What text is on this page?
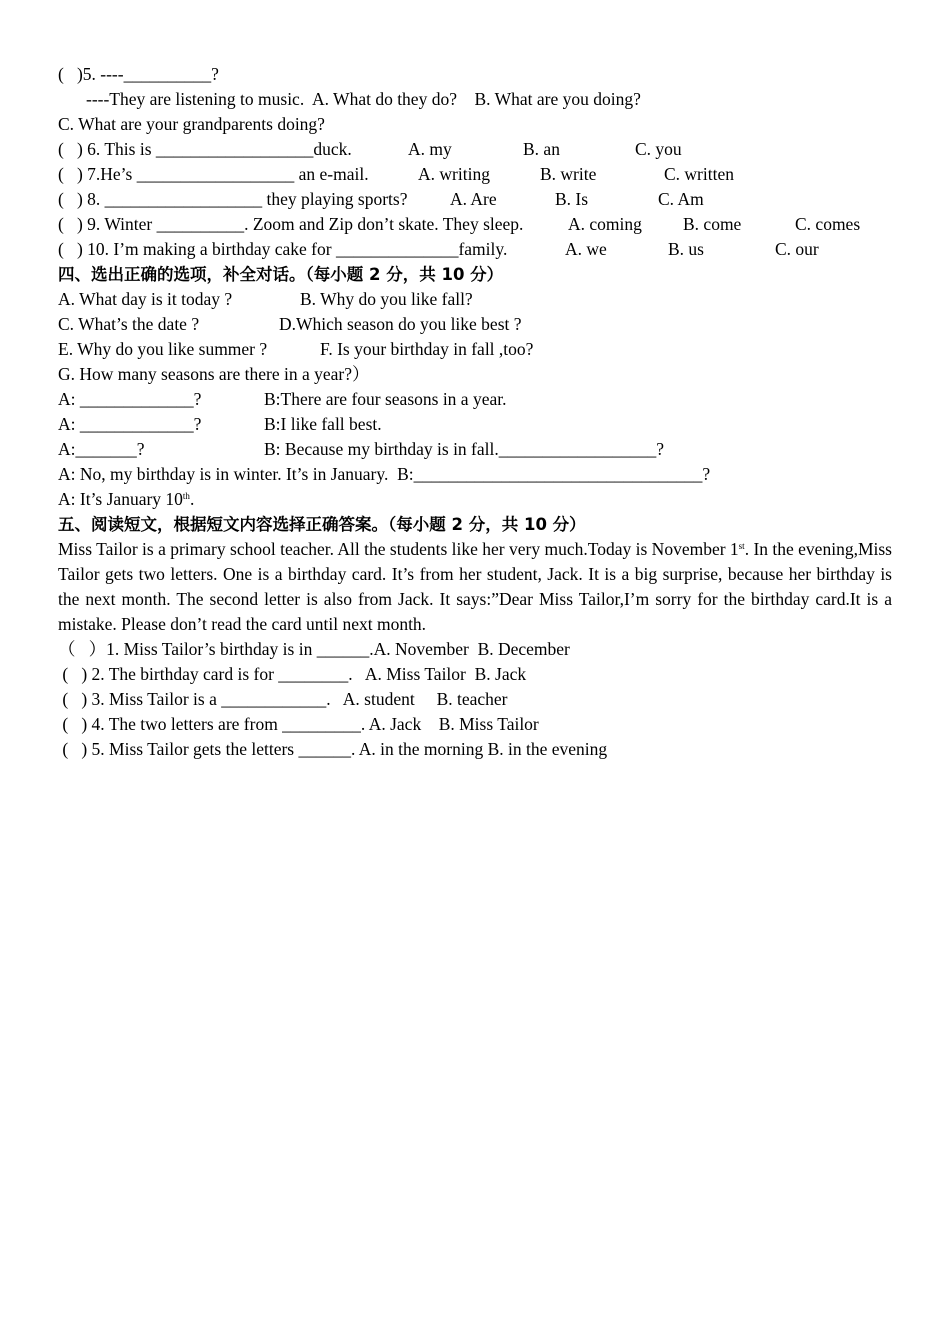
(   )5. ----__________?
----They are listening to music.  A. What do they do?    B. What are you doing?
C. What are your grandparents doing?
(   ) 6. This is __________________duck.	A. my	B. an	C. you
(   ) 7.He’s __________________ an e-mail.	A. writing	B. write	C. written
(   ) 8. __________________ they playing sports? A. Are	B. Is	C. Am
(   ) 9. Winter __________. Zoom and Zip don’t skate. They sleep.	A. coming B. come	C. comes
(   ) 10. I’m making a birthday cake for ______________family.	A. we	B. us	C. our
四、选出正确的选项，补全对话。（每小题 2 分，共 10 分）
A. What day is it today ?	B. Why do you like fall?
C. What’s the date ?	D.Which season do you like best ?
E. Why do you like summer ?	F. Is your birthday in fall ,too?
G. How many seasons are there in a year?）
A: _____________?	B:There are four seasons in a year.
A: _____________?	B:I like fall best.
A:_______?	B: Because my birthday is in fall.__________________?
A: No, my birthday is in winter. It’s in January.  B:_________________________________?
A: It’s January 10th.
五、阅读短文，根据短文内容选择正确答案。（每小题 2 分，共 10 分）
Miss Tailor is a primary school teacher. All the students like her very much.Today is November 1st. In the evening,Miss Tailor gets two letters. One is a birthday card. It’s from her student, Jack. It is a big surprise, because her birthday is the next month. The second letter is also from Jack. It says:”Dear Miss Tailor,I’m sorry for the birthday card.It is a mistake. Please don’t read the card until next month.
（   ）1. Miss Tailor’s birthday is in ______.A. November  B. December
(   ) 2. The birthday card is for ________.   A. Miss Tailor  B. Jack
(   ) 3. Miss Tailor is a ____________.   A. student     B. teacher
(   ) 4. The two letters are from _________. A. Jack    B. Miss Tailor
(   ) 5. Miss Tailor gets the letters ______. A. in the morning B. in the evening
